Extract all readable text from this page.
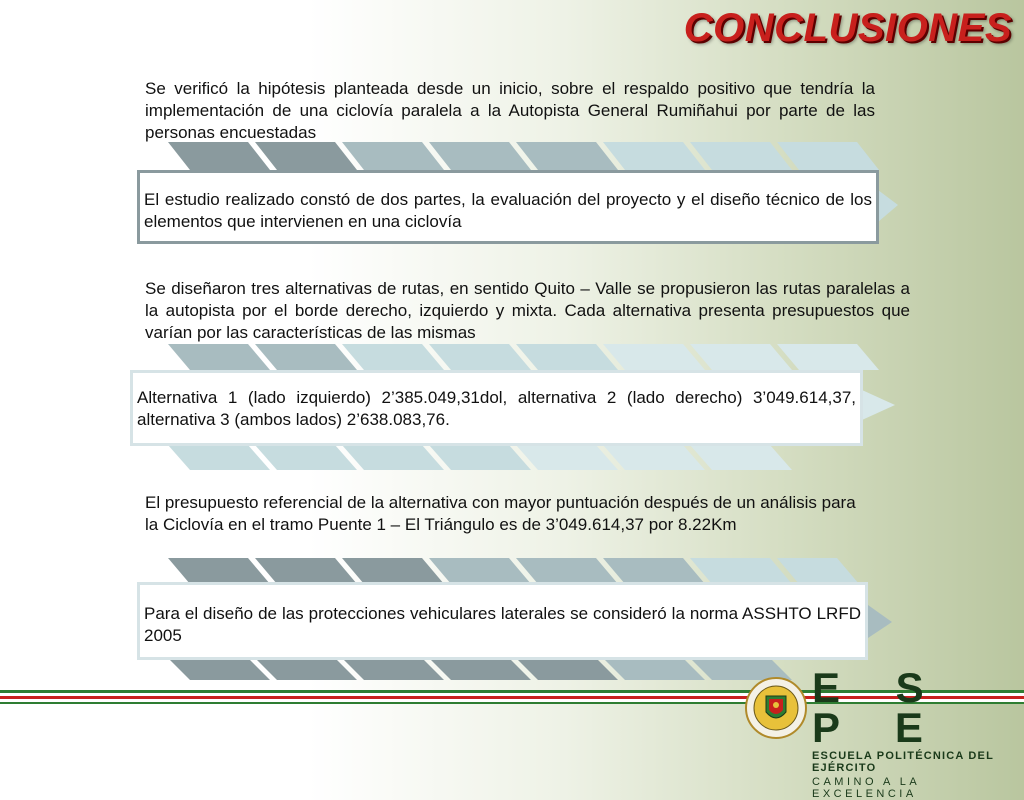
CONCLUSIONES

Se verificó la hipótesis planteada desde un inicio, sobre el respaldo positivo que tendría la implementación de una ciclovía paralela a la Autopista General Rumiñahui por parte de las personas encuestadas

El estudio realizado constó de dos partes, la evaluación del proyecto y el diseño técnico de los elementos que intervienen en una ciclovía

Se diseñaron tres alternativas de rutas, en sentido Quito – Valle se propusieron las rutas paralelas a la autopista por el borde derecho, izquierdo y mixta. Cada alternativa presenta presupuestos que varían por las características de las mismas

Alternativa 1 (lado izquierdo) 2’385.049,31dol, alternativa 2 (lado derecho) 3’049.614,37, alternativa 3 (ambos lados) 2’638.083,76.

El presupuesto referencial de la alternativa con mayor puntuación después de un análisis para la Ciclovía en el tramo Puente 1 – El Triángulo es de 3’049.614,37 por 8.22Km

Para el diseño de las protecciones vehiculares laterales se consideró la norma ASSHTO LRFD 2005

E S P E

ESCUELA POLITÉCNICA DEL EJÉRCITO
CAMINO A LA EXCELENCIA
